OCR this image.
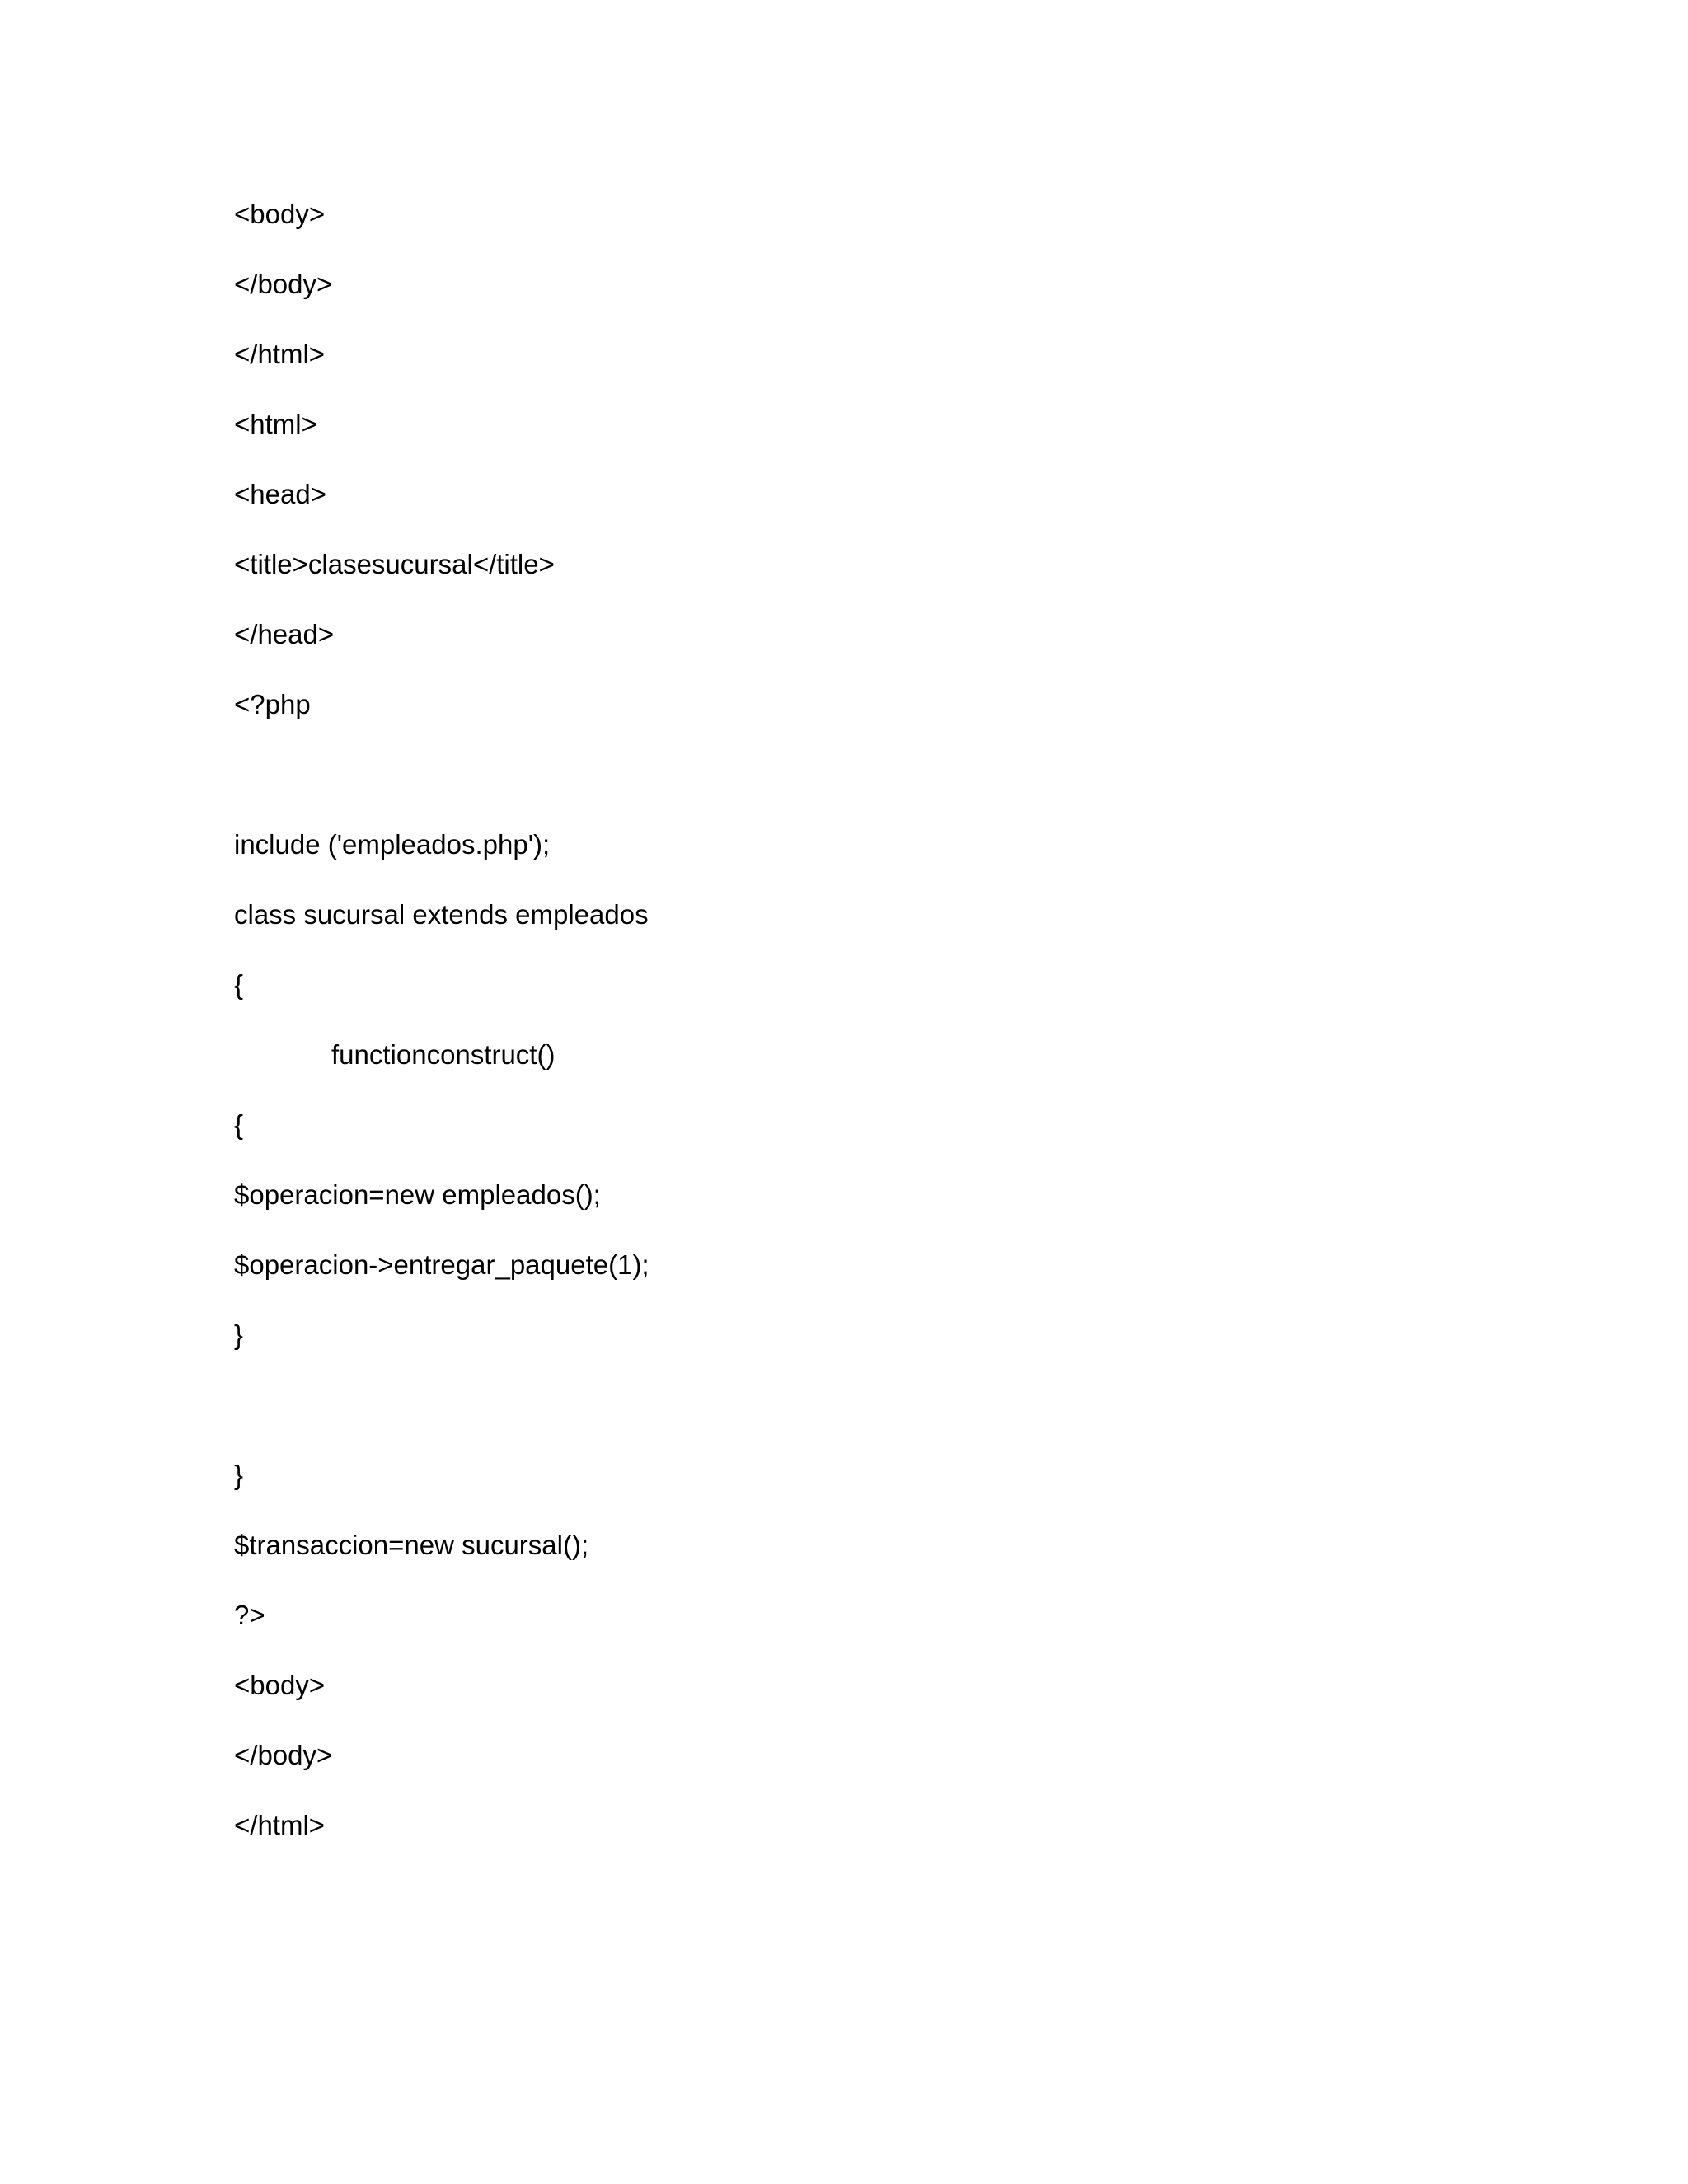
<body>
</body>
</html>
<html>
<head>
<title>clasesucursal</title>
</head>
<?php
include ('empleados.php');
class sucursal extends empleados
{
functionconstruct()
{
$operacion=new empleados();
$operacion->entregar_paquete(1);
}
}
$transaccion=new sucursal();
?>
<body>
</body>
</html>
